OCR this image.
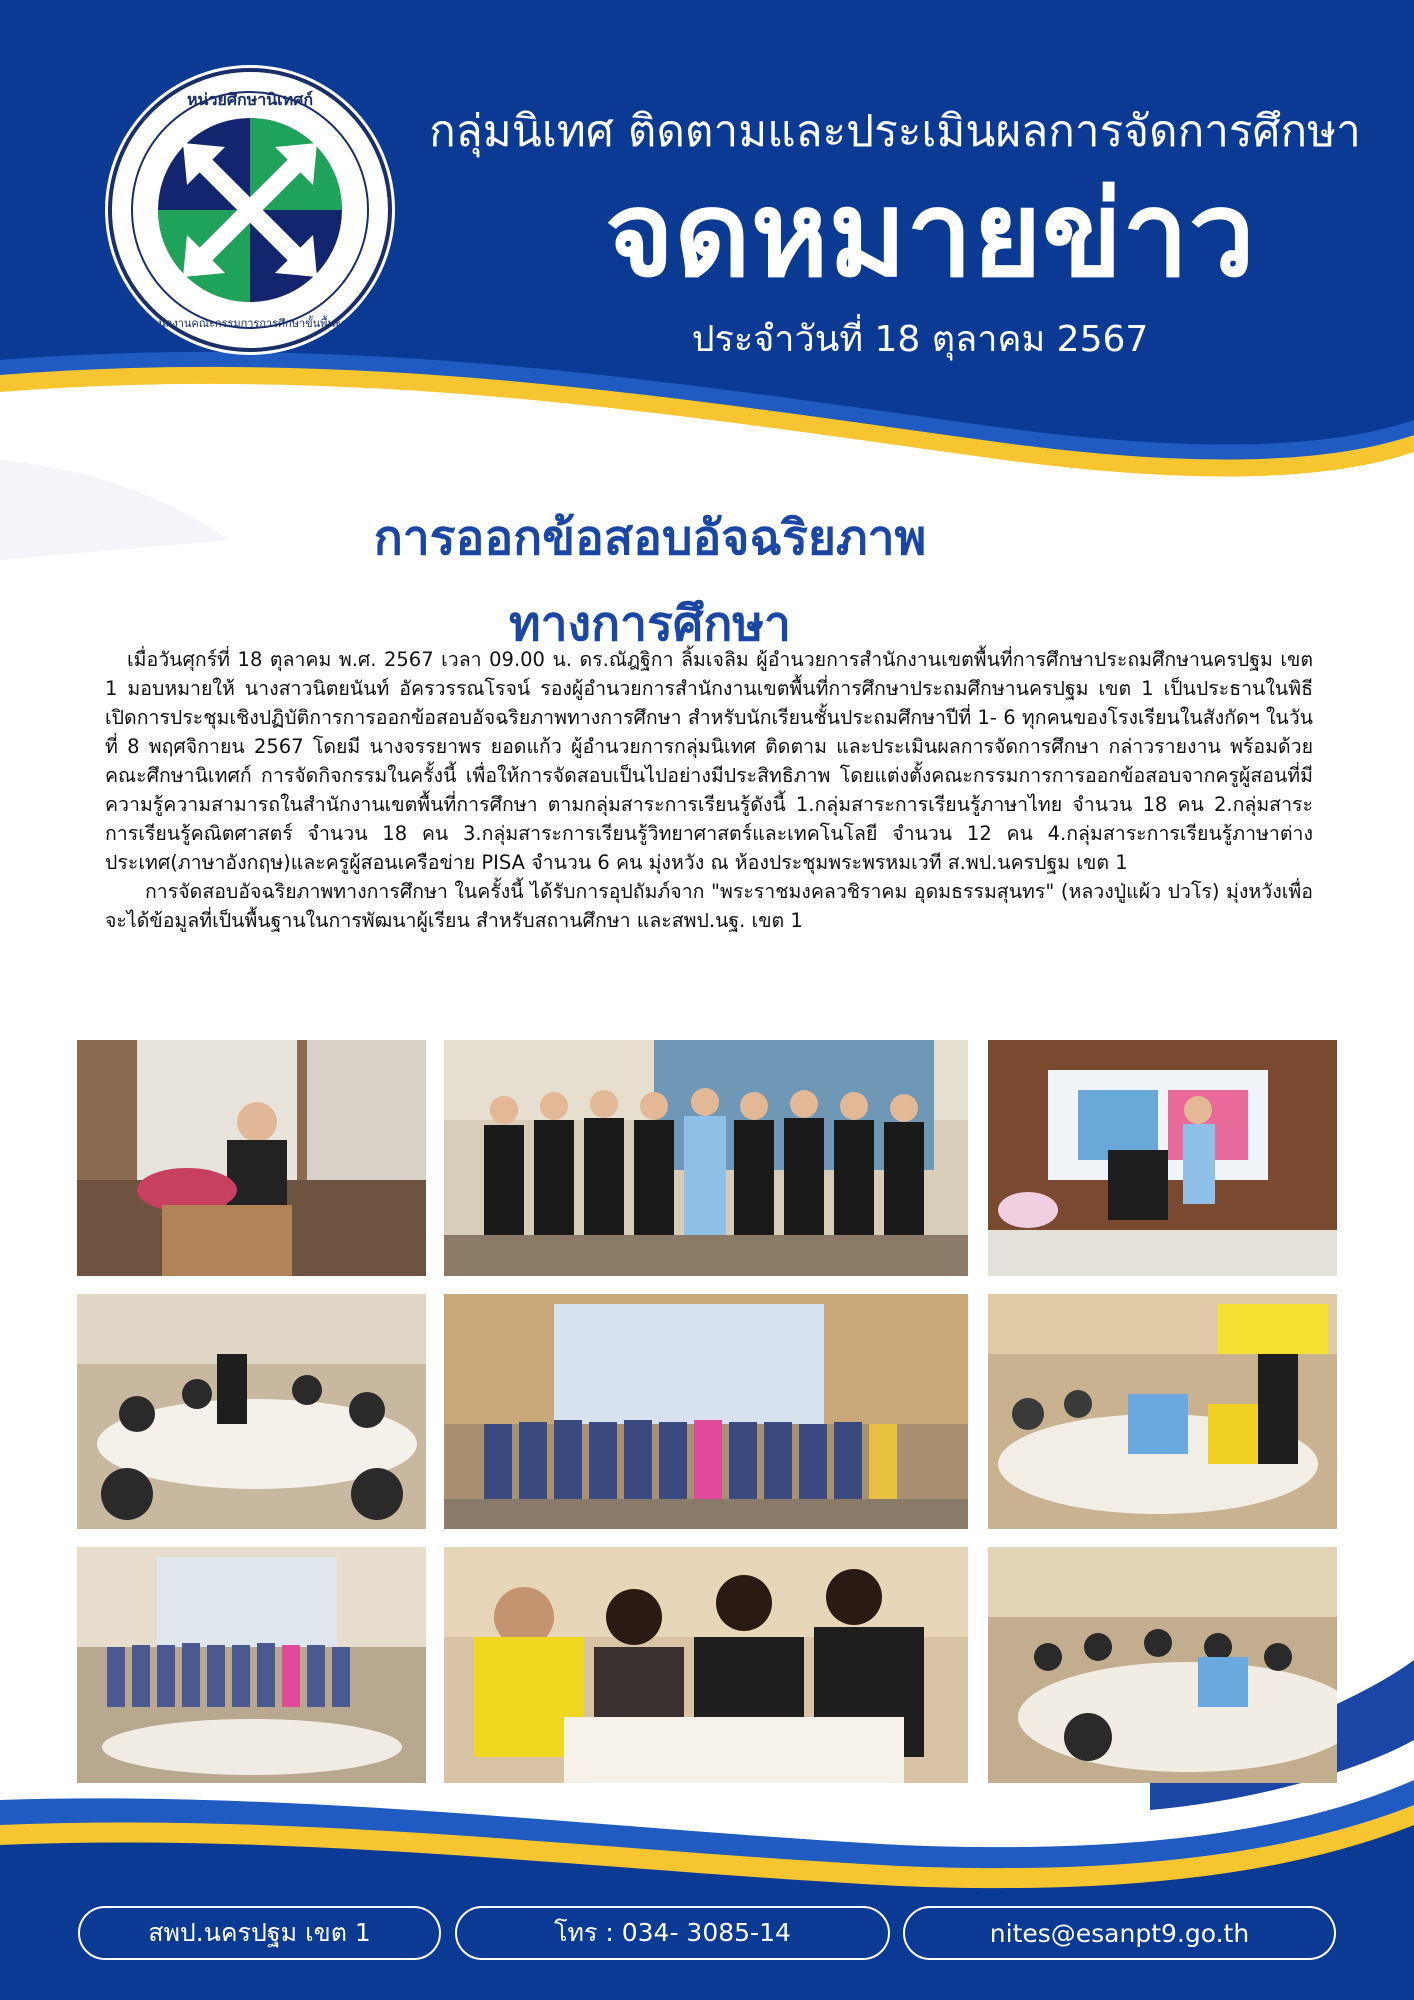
หน่วยศึกษานิเทศก์
สำนักงานคณะกรรมการการศึกษาขั้นพื้นฐาน
กลุ่มนิเทศ ติดตามและประเมินผลการจัดการศึกษา
จดหมายข่าว
ประจำวันที่ 18 ตุลาคม 2567
การออกข้อสอบอัจฉริยภาพ
ทางการศึกษา

เมื่อวันศุกร์ที่ 18 ตุลาคม พ.ศ. 2567 เวลา 09.00 น. ดร.ณัฎฐิกา ลิ้มเจลิม ผู้อำนวยการสำนักงานเขตพื้นที่การศึกษาประถมศึกษานครปฐม เขต 1 มอบหมายให้ นางสาวนิตยนันท์ อัครวรรณโรจน์ รองผู้อำนวยการสำนักงานเขตพื้นที่การศึกษาประถมศึกษานครปฐม เขต 1 เป็นประธานในพิธีเปิดการประชุมเชิงปฏิบัติการการออกข้อสอบอัจฉริยภาพทางการศึกษา สำหรับนักเรียนชั้นประถมศึกษาปีที่ 1- 6 ทุกคนของโรงเรียนในสังกัดฯ ในวันที่ 8 พฤศจิกายน 2567 โดยมี นางจรรยาพร ยอดแก้ว ผู้อำนวยการกลุ่มนิเทศ ติดตาม และประเมินผลการจัดการศึกษา กล่าวรายงาน พร้อมด้วย คณะศึกษานิเทศก์ การจัดกิจกรรมในครั้งนี้ เพื่อให้การจัดสอบเป็นไปอย่างมีประสิทธิภาพ โดยแต่งตั้งคณะกรรมการการออกข้อสอบจากครูผู้สอนที่มีความรู้ความสามารถในสำนักงานเขตพื้นที่การศึกษา ตามกลุ่มสาระการเรียนรู้ดังนี้ 1.กลุ่มสาระการเรียนรู้ภาษาไทย จำนวน 18 คน 2.กลุ่มสาระการเรียนรู้คณิตศาสตร์ จำนวน 18 คน 3.กลุ่มสาระการเรียนรู้วิทยาศาสตร์และเทคโนโลยี จำนวน 12 คน 4.กลุ่มสาระการเรียนรู้ภาษาต่างประเทศ(ภาษาอังกฤษ)และครูผู้สอนเครือข่าย PISA จำนวน 6 คน มุ่งหวัง ณ ห้องประชุมพระพรหมเวที ส.พป.นครปฐม เขต 1

การจัดสอบอัจฉริยภาพทางการศึกษา ในครั้งนี้ ได้รับการอุปถัมภ์จาก "พระราชมงคลวชิราคม อุดมธรรมสุนทร" (หลวงปู่แผ้ว ปวโร) มุ่งหวังเพื่อจะได้ข้อมูลที่เป็นพื้นฐานในการพัฒนาผู้เรียน สำหรับสถานศึกษา และสพป.นฐ. เขต 1

สพป.นครปฐม เขต 1	โทร : 034- 3085-14	nites@esanpt9.go.th
